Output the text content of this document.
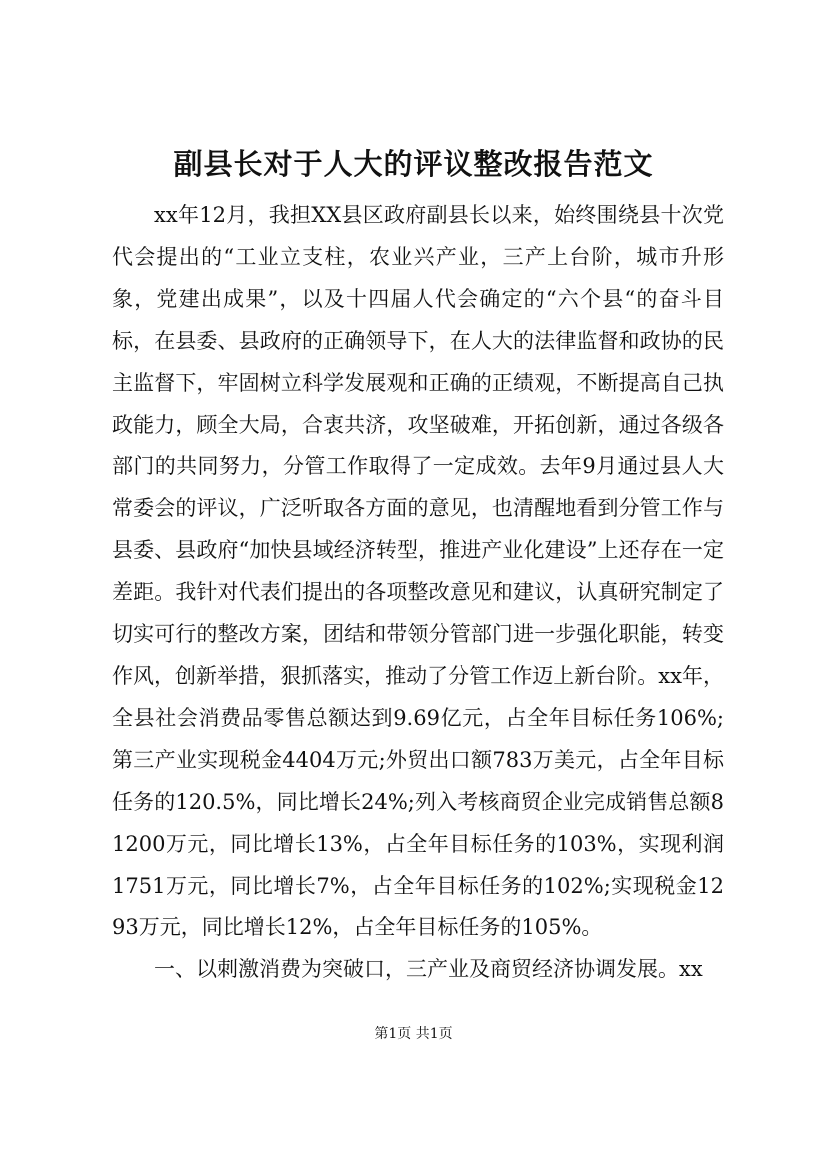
副县长对于人大的评议整改报告范文

xx年12月，我担XX县区政府副县长以来，始终围绕县十次党代会提出的“工业立支柱，农业兴产业，三产上台阶，城市升形象，党建出成果”，以及十四届人代会确定的“六个县“的奋斗目标，在县委、县政府的正确领导下，在人大的法律监督和政协的民主监督下，牢固树立科学发展观和正确的正绩观，不断提高自己执政能力，顾全大局，合衷共济，攻坚破难，开拓创新，通过各级各部门的共同努力，分管工作取得了一定成效。去年9月通过县人大常委会的评议，广泛听取各方面的意见，也清醒地看到分管工作与县委、县政府“加快县域经济转型，推进产业化建设”上还存在一定差距。我针对代表们提出的各项整改意见和建议，认真研究制定了切实可行的整改方案，团结和带领分管部门进一步强化职能，转变作风，创新举措，狠抓落实，推动了分管工作迈上新台阶。xx年，全县社会消费品零售总额达到9.69亿元，占全年目标任务106%;第三产业实现税金4404万元;外贸出口额783万美元，占全年目标任务的120.5%，同比增长24%;列入考核商贸企业完成销售总额81200万元，同比增长13%，占全年目标任务的103%，实现利润1751万元，同比增长7%，占全年目标任务的102%;实现税金1293万元，同比增长12%，占全年目标任务的105%。

一、以刺激消费为突破口，三产业及商贸经济协调发展。xx

第1页 共1页
